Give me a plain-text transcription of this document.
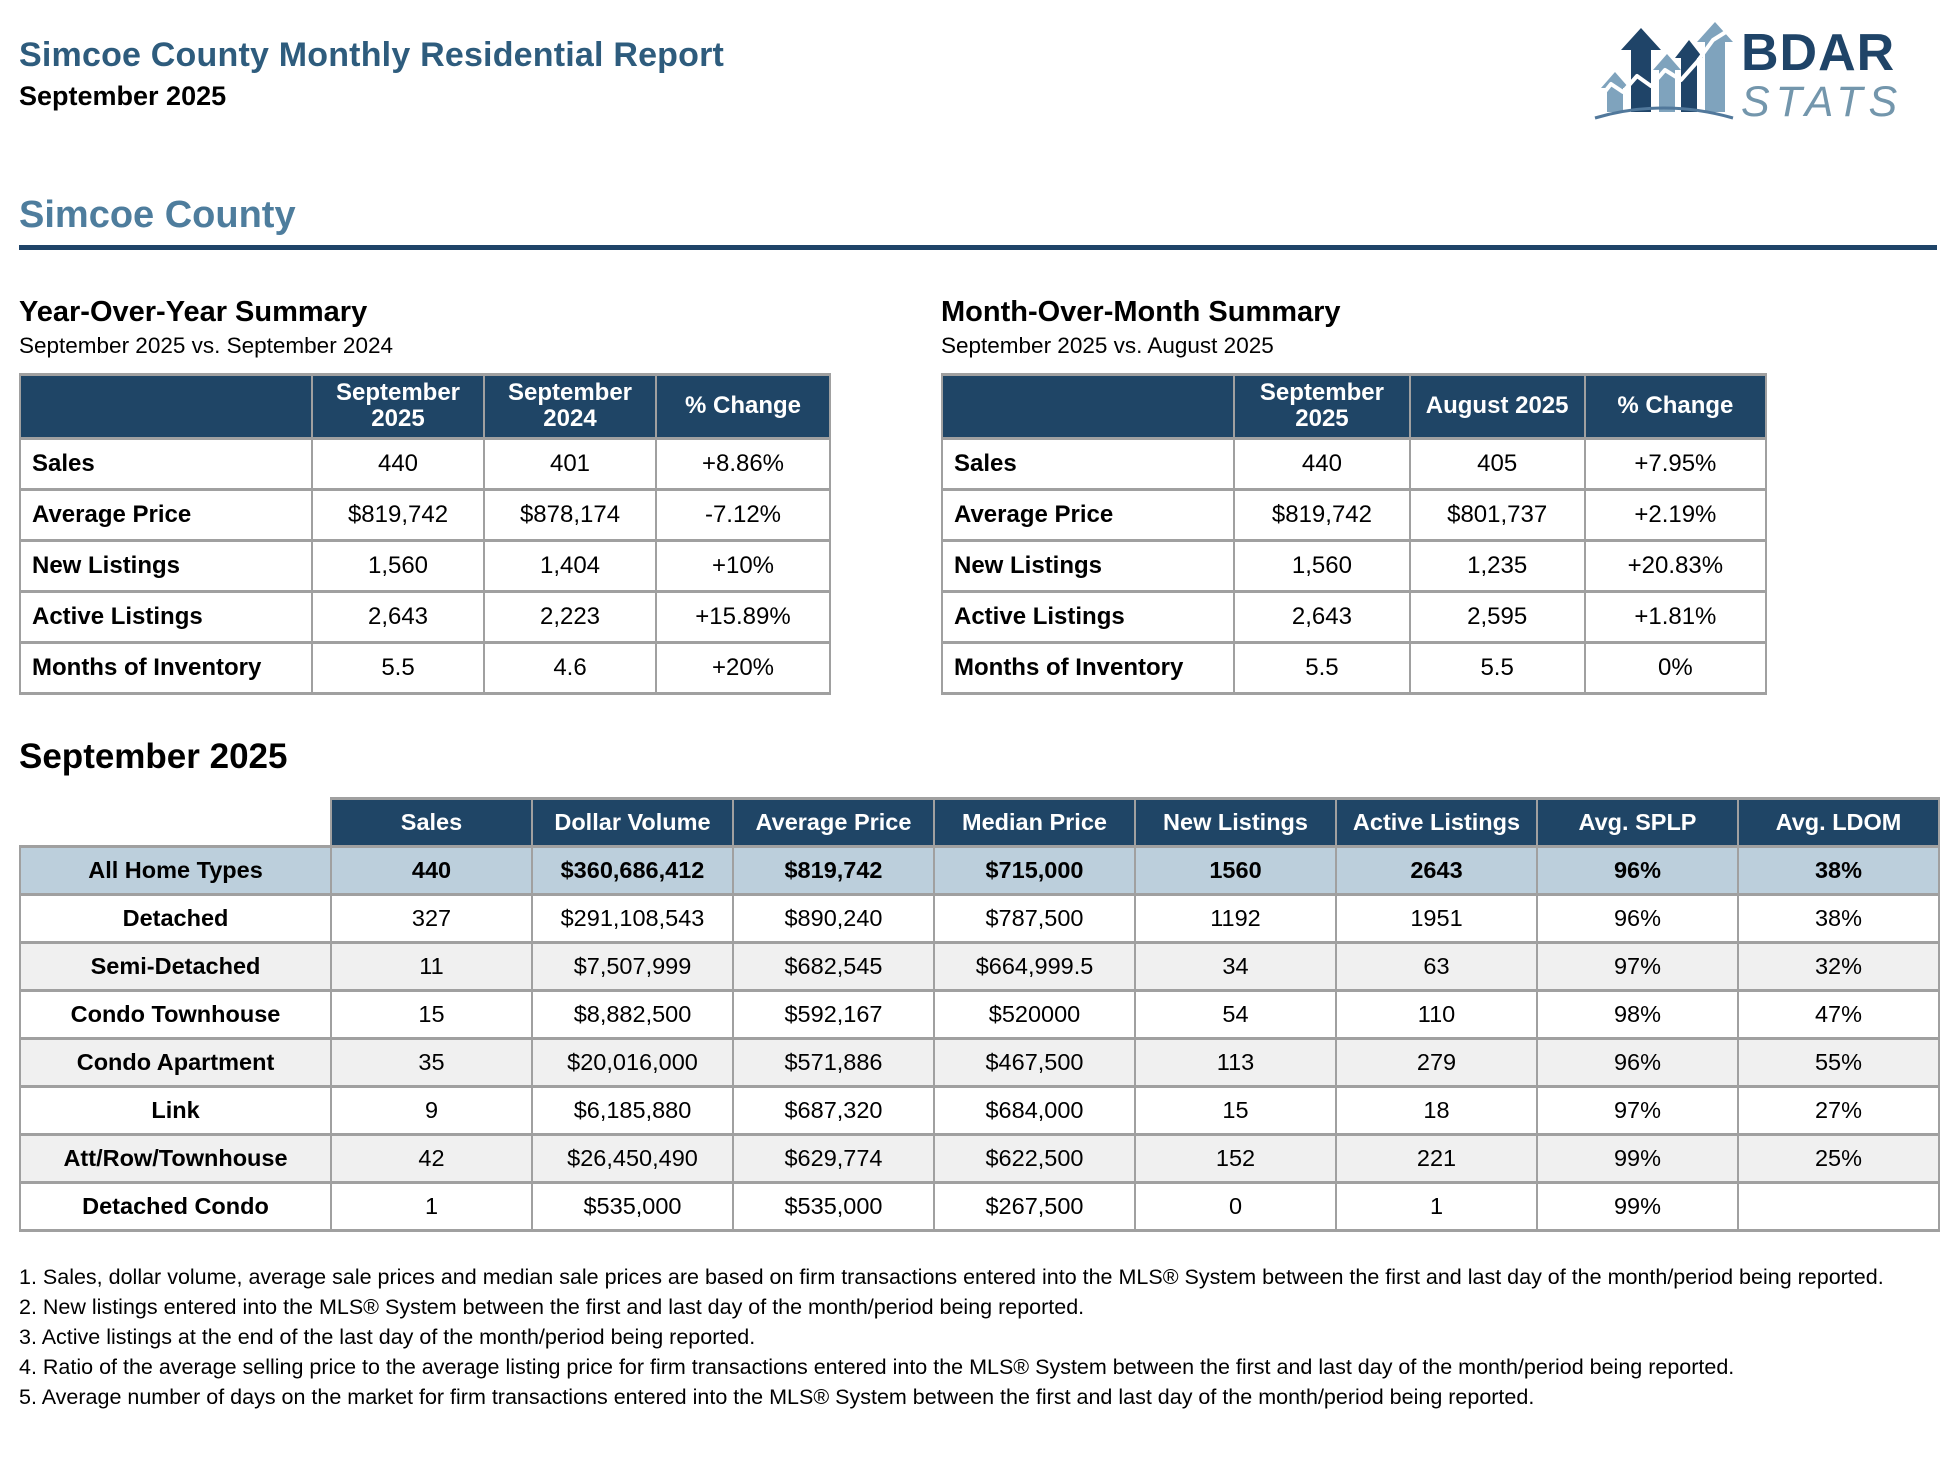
Simcoe County Monthly Residential Report
September 2025
BDAR
STATS
Simcoe County
Year-Over-Year Summary
September 2025 vs. September 2024
	September 2025	September 2024	% Change
Sales	440	401	+8.86%
Average Price	$819,742	$878,174	-7.12%
New Listings	1,560	1,404	+10%
Active Listings	2,643	2,223	+15.89%
Months of Inventory	5.5	4.6	+20%
Month-Over-Month Summary
September 2025 vs. August 2025
	September 2025	August 2025	% Change
Sales	440	405	+7.95%
Average Price	$819,742	$801,737	+2.19%
New Listings	1,560	1,235	+20.83%
Active Listings	2,643	2,595	+1.81%
Months of Inventory	5.5	5.5	0%
September 2025
	Sales	Dollar Volume	Average Price	Median Price	New Listings	Active Listings	Avg. SPLP	Avg. LDOM
All Home Types	440	$360,686,412	$819,742	$715,000	1560	2643	96%	38%
Detached	327	$291,108,543	$890,240	$787,500	1192	1951	96%	38%
Semi-Detached	11	$7,507,999	$682,545	$664,999.5	34	63	97%	32%
Condo Townhouse	15	$8,882,500	$592,167	$520000	54	110	98%	47%
Condo Apartment	35	$20,016,000	$571,886	$467,500	113	279	96%	55%
Link	9	$6,185,880	$687,320	$684,000	15	18	97%	27%
Att/Row/Townhouse	42	$26,450,490	$629,774	$622,500	152	221	99%	25%
Detached Condo	1	$535,000	$535,000	$267,500	0	1	99%	
1. Sales, dollar volume, average sale prices and median sale prices are based on firm transactions entered into the MLS® System between the first and last day of the month/period being reported.
2. New listings entered into the MLS® System between the first and last day of the month/period being reported.
3. Active listings at the end of the last day of the month/period being reported.
4. Ratio of the average selling price to the average listing price for firm transactions entered into the MLS® System between the first and last day of the month/period being reported.
5. Average number of days on the market for firm transactions entered into the MLS® System between the first and last day of the month/period being reported.
